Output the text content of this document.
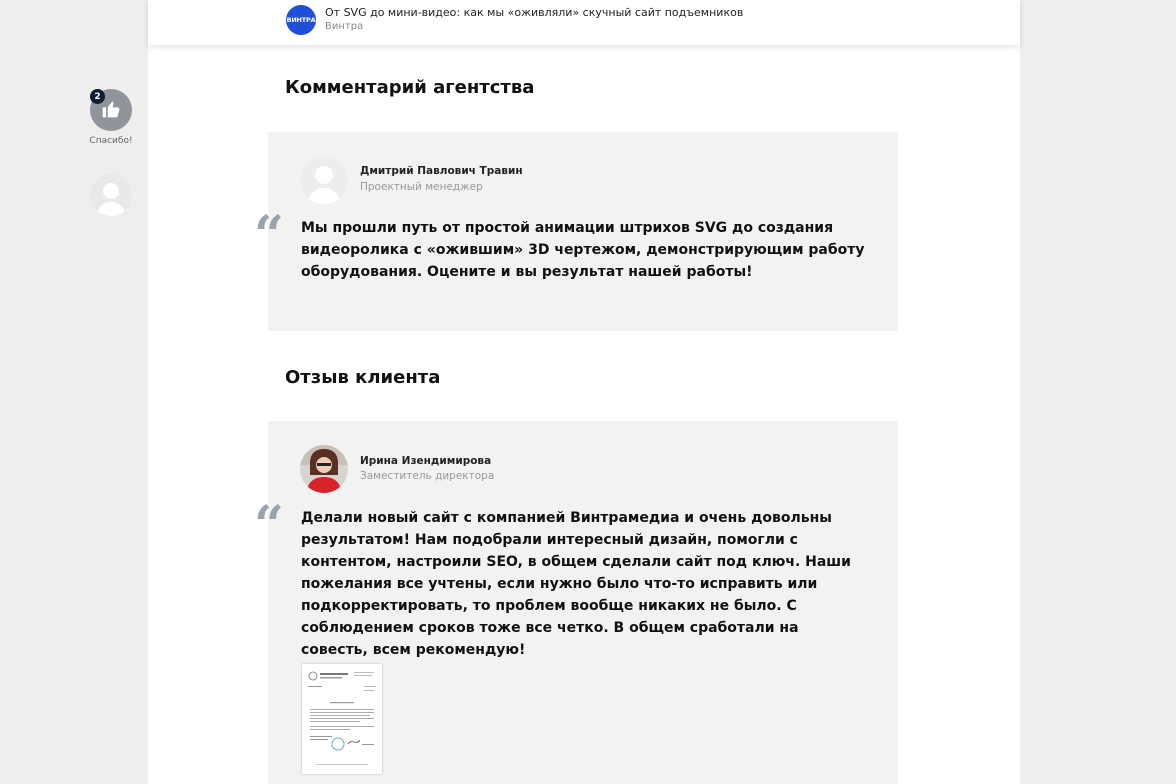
ВИНТРА
От SVG до мини-видео: как мы «оживляли» скучный сайт подъемников
Винтра
2
Спасибо!
Комментарий агентства
Дмитрий Павлович Травин
Проектный менеджер
“ Мы прошли путь от простой анимации штрихов SVG до создания видеоролика с «ожившим» 3D чертежом, демонстрирующим работу оборудования. Оцените и вы результат нашей работы!
Отзыв клиента
Ирина Изендимирова
Заместитель директора
“ Делали новый сайт с компанией Винтрамедиа и очень довольны результатом! Нам подобрали интересный дизайн, помогли с контентом, настроили SEO, в общем сделали сайт под ключ. Наши пожелания все учтены, если нужно было что-то исправить или подкорректировать, то проблем вообще никаких не было. С соблюдением сроков тоже все четко. В общем сработали на совесть, всем рекомендую!
